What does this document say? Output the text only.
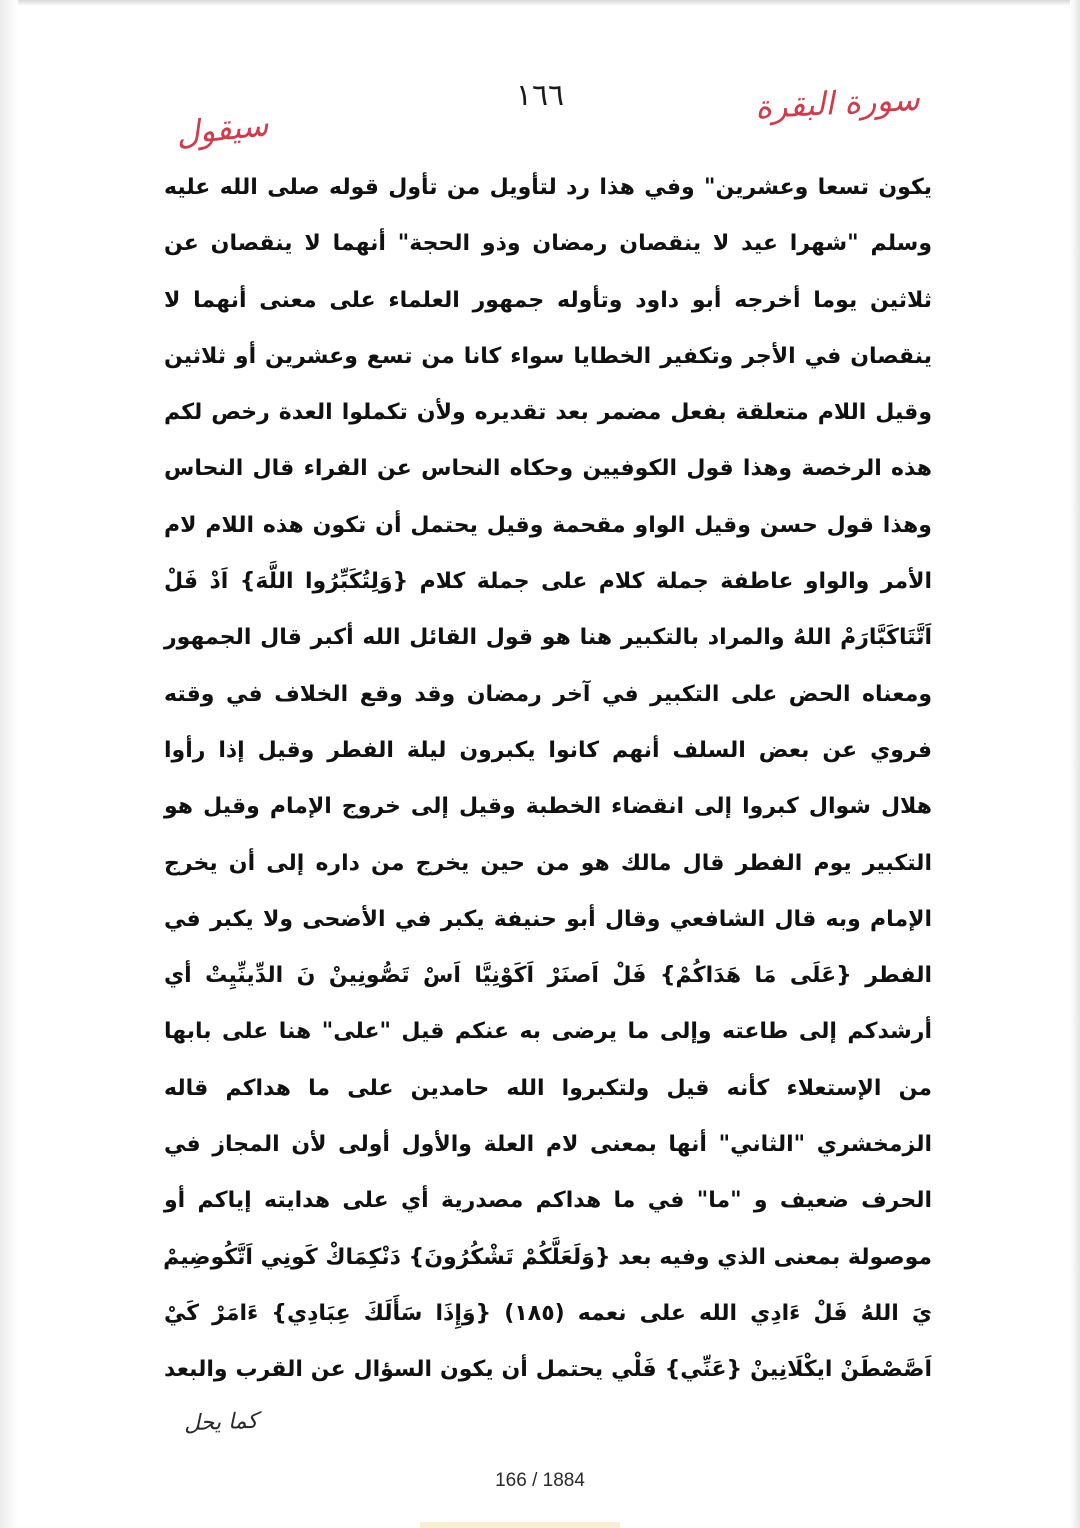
١٦٦	سورة البقرة
سيقول
يكون تسعا وعشرين" وفي هذا رد لتأويل من تأول قوله صلى الله عليه
وسلم "شهرا عيد لا ينقصان رمضان وذو الحجة" أنهما لا ينقصان عن
ثلاثين يوما أخرجه أبو داود وتأوله جمهور العلماء على معنى أنهما لا
ينقصان في الأجر وتكفير الخطايا سواء كانا من تسع وعشرين أو ثلاثين
وقيل اللام متعلقة بفعل مضمر بعد تقديره ولأن تكملوا العدة رخص لكم
هذه الرخصة وهذا قول الكوفيين وحكاه النحاس عن الفراء قال النحاس
وهذا قول حسن وقيل الواو مقحمة وقيل يحتمل أن تكون هذه اللام لام
الأمر والواو عاطفة جملة كلام على جملة كلام {وَلِتُكَبِّرُوا اللَّهَ} اَدْ فَلْ
اَتَّتَاكَبَّارَمْ اللهُ والمراد بالتكبير هنا هو قول القائل الله أكبر قال الجمهور
ومعناه الحض على التكبير في آخر رمضان وقد وقع الخلاف في وقته
فروي عن بعض السلف أنهم كانوا يكبرون ليلة الفطر وقيل إذا رأوا
هلال شوال كبروا إلى انقضاء الخطبة وقيل إلى خروج الإمام وقيل هو
التكبير يوم الفطر قال مالك هو من حين يخرج من داره إلى أن يخرج
الإمام وبه قال الشافعي وقال أبو حنيفة يكبر في الأضحى ولا يكبر في
الفطر {عَلَى مَا هَدَاكُمْ} فَلْ اَصنَرْ اَكَوْنِيَّا اَسْ تَصُّونِينْ نَ الدِّينِّيِتْ أي
أرشدكم إلى طاعته وإلى ما يرضى به عنكم قيل "على" هنا على بابها
من الإستعلاء كأنه قيل ولتكبروا الله حامدين على ما هداكم قاله
الزمخشري "الثاني" أنها بمعنى لام العلة والأول أولى لأن المجاز في
الحرف ضعيف و "ما" في ما هداكم مصدرية أي على هدايته إياكم أو
موصولة بمعنى الذي وفيه بعد {وَلَعَلَّكُمْ تَشْكُرُونَ} دَنْكِمَاكْ كَونِي اَتَّكُوضِيمْ
يَ اللهُ فَلْ ءَادِي الله على نعمه (١٨٥) {وَإِذَا سَأَلَكَ عِبَادِي} ءَامَرْ كَيْ
اَصَّصْطَنْ ايكْلَانِينْ {عَنِّي} فَلْي يحتمل أن يكون السؤال عن القرب والبعد
كما يحل
166 / 1884
